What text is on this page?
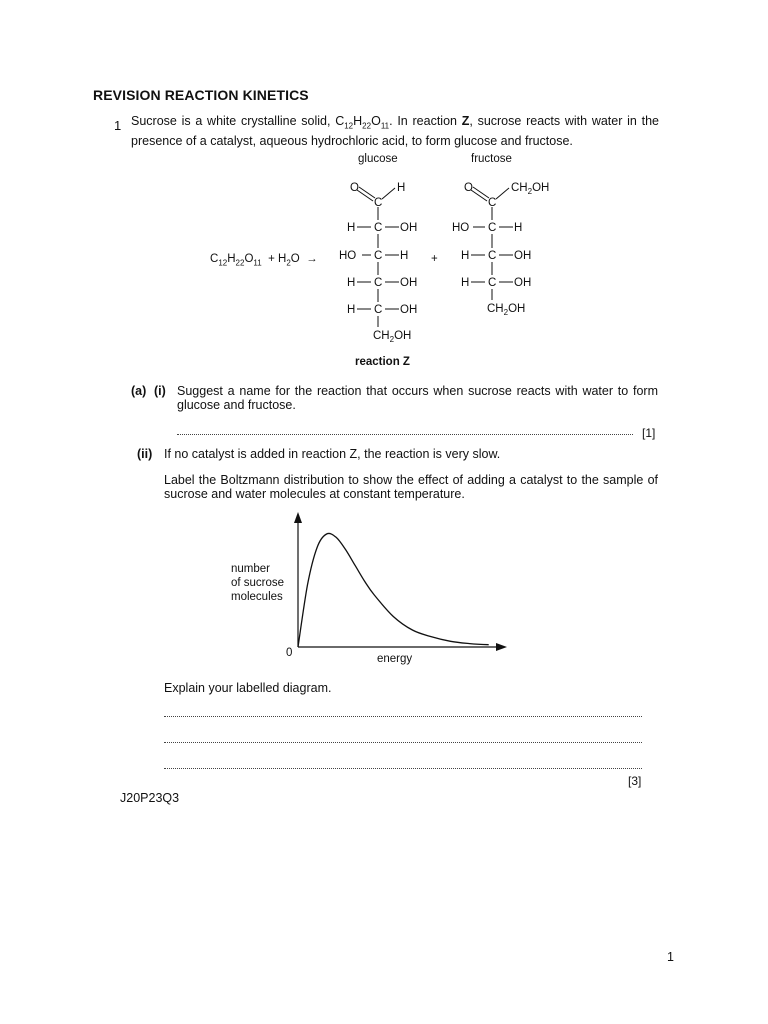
REVISION REACTION KINETICS
1 Sucrose is a white crystalline solid, $C_{12}H_{22}O_{11}$. In reaction Z, sucrose reacts with water in the presence of a catalyst, aqueous hydrochloric acid, to form glucose and fructose.
glucose	fructose
$C_{12}H_{22}O_{11} + H_2O$ →	+
O	H
C
H C OH
HO C H
H C OH
H C OH
$CH_2OH$
O	$CH_2OH$
C
HO C H
H C OH
H C OH
$CH_2OH$
reaction Z
(a) (i) Suggest a name for the reaction that occurs when sucrose reacts with water to form glucose and fructose.
[1]
(ii) If no catalyst is added in reaction Z, the reaction is very slow.
Label the Boltzmann distribution to show the effect of adding a catalyst to the sample of sucrose and water molecules at constant temperature.
number
of sucrose
molecules
0	energy
Explain your labelled diagram.
[3]
J20P23Q3
1
